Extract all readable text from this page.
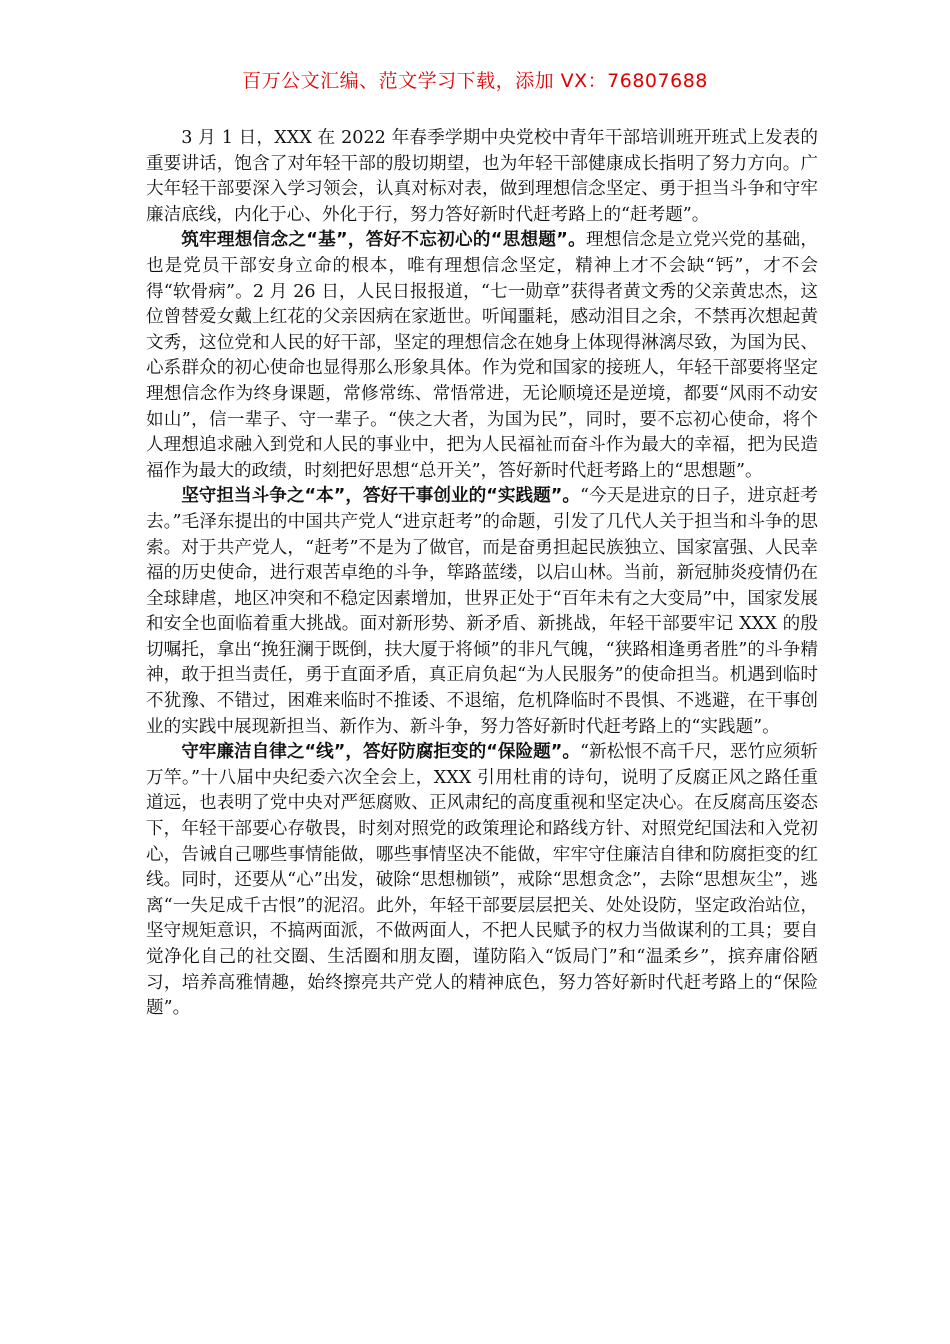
百万公文汇编、范文学习下载，添加 VX：76807688

3 月 1 日，XXX 在 2022 年春季学期中央党校中青年干部培训班开班式上发表的重要讲话，饱含了对年轻干部的殷切期望，也为年轻干部健康成长指明了努力方向。广大年轻干部要深入学习领会，认真对标对表，做到理想信念坚定、勇于担当斗争和守牢廉洁底线，内化于心、外化于行，努力答好新时代赶考路上的“赶考题”。

筑牢理想信念之“基”，答好不忘初心的“思想题”。理想信念是立党兴党的基础，也是党员干部安身立命的根本，唯有理想信念坚定，精神上才不会缺“钙”，才不会得“软骨病”。2 月 26 日，人民日报报道，“七一勋章”获得者黄文秀的父亲黄忠杰，这位曾替爱女戴上红花的父亲因病在家逝世。听闻噩耗，感动泪目之余，不禁再次想起黄文秀，这位党和人民的好干部，坚定的理想信念在她身上体现得淋漓尽致，为国为民、心系群众的初心使命也显得那么形象具体。作为党和国家的接班人，年轻干部要将坚定理想信念作为终身课题，常修常练、常悟常进，无论顺境还是逆境，都要“风雨不动安如山”，信一辈子、守一辈子。“侠之大者，为国为民”，同时，要不忘初心使命，将个人理想追求融入到党和人民的事业中，把为人民福祉而奋斗作为最大的幸福，把为民造福作为最大的政绩，时刻把好思想“总开关”，答好新时代赶考路上的“思想题”。

坚守担当斗争之“本”，答好干事创业的“实践题”。“今天是进京的日子，进京赶考去。”毛泽东提出的中国共产党人“进京赶考”的命题，引发了几代人关于担当和斗争的思索。对于共产党人，“赶考”不是为了做官，而是奋勇担起民族独立、国家富强、人民幸福的历史使命，进行艰苦卓绝的斗争，筚路蓝缕，以启山林。当前，新冠肺炎疫情仍在全球肆虐，地区冲突和不稳定因素增加，世界正处于“百年未有之大变局”中，国家发展和安全也面临着重大挑战。面对新形势、新矛盾、新挑战，年轻干部要牢记 XXX 的殷切嘱托，拿出“挽狂澜于既倒，扶大厦于将倾”的非凡气魄，“狭路相逢勇者胜”的斗争精神，敢于担当责任，勇于直面矛盾，真正肩负起“为人民服务”的使命担当。机遇到临时不犹豫、不错过，困难来临时不推诿、不退缩，危机降临时不畏惧、不逃避，在干事创业的实践中展现新担当、新作为、新斗争，努力答好新时代赶考路上的“实践题”。

守牢廉洁自律之“线”，答好防腐拒变的“保险题”。“新松恨不高千尺，恶竹应须斩万竿。”十八届中央纪委六次全会上，XXX 引用杜甫的诗句，说明了反腐正风之路任重道远，也表明了党中央对严惩腐败、正风肃纪的高度重视和坚定决心。在反腐高压姿态下，年轻干部要心存敬畏，时刻对照党的政策理论和路线方针、对照党纪国法和入党初心，告诫自己哪些事情能做，哪些事情坚决不能做，牢牢守住廉洁自律和防腐拒变的红线。同时，还要从“心”出发，破除“思想枷锁”，戒除“思想贪念”，去除“思想灰尘”，逃离“一失足成千古恨”的泥沼。此外，年轻干部要层层把关、处处设防，坚定政治站位，坚守规矩意识，不搞两面派，不做两面人，不把人民赋予的权力当做谋利的工具；要自觉净化自己的社交圈、生活圈和朋友圈，谨防陷入“饭局门”和“温柔乡”，摈弃庸俗陋习，培养高雅情趣，始终擦亮共产党人的精神底色，努力答好新时代赶考路上的“保险题”。
